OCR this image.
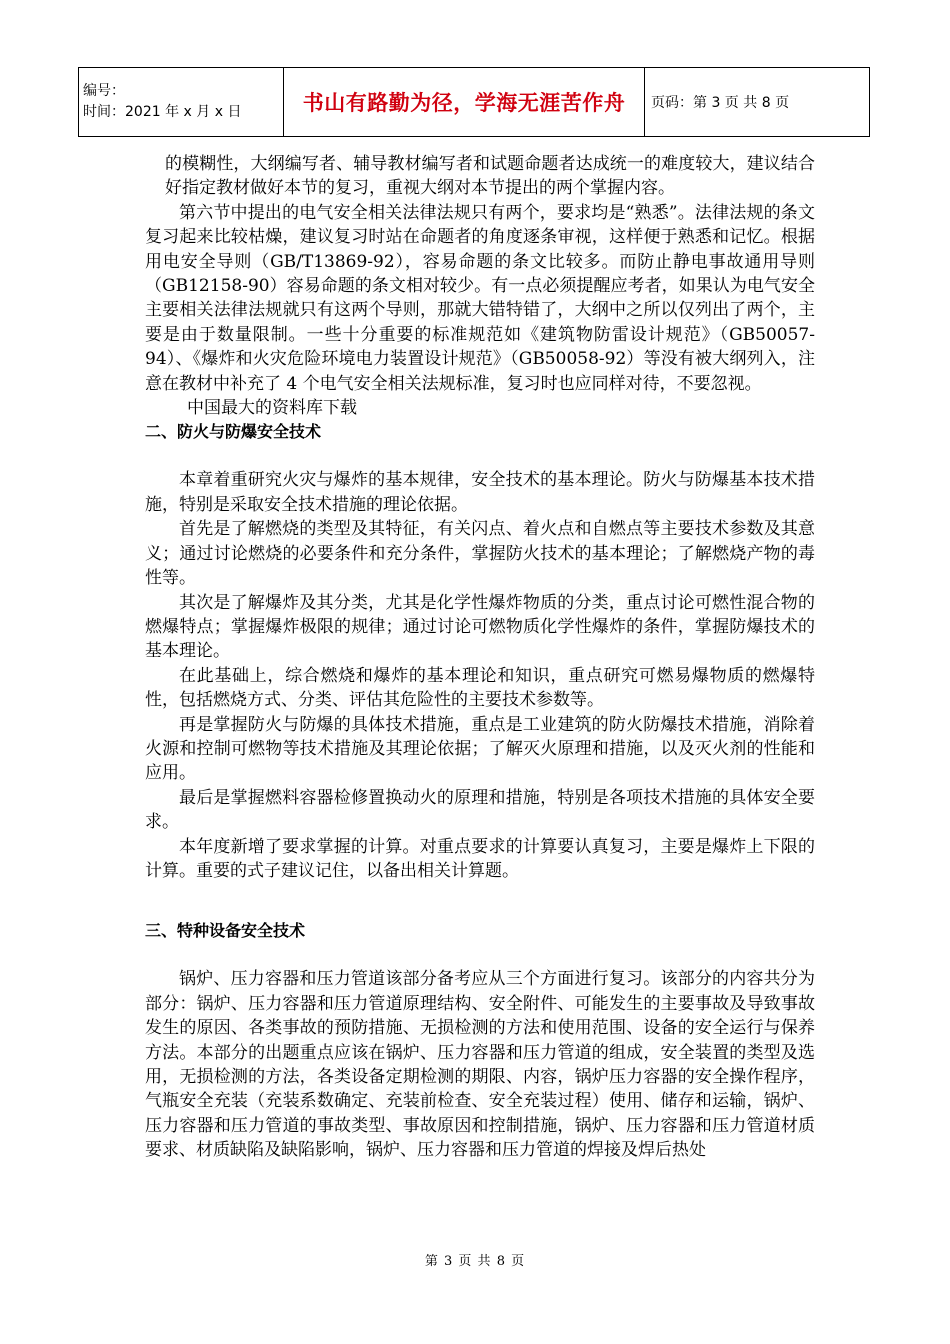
编号：
时间：2021 年 x 月 x 日	书山有路勤为径，学海无涯苦作舟	页码：第 3 页 共 8 页

的模糊性，大纲编写者、辅导教材编写者和试题命题者达成统一的难度较大，建议结合好指定教材做好本节的复习，重视大纲对本节提出的两个掌握内容。

第六节中提出的电气安全相关法律法规只有两个，要求均是“熟悉”。法律法规的条文复习起来比较枯燥，建议复习时站在命题者的角度逐条审视，这样便于熟悉和记忆。根据用电安全导则（GB/T13869-92），容易命题的条文比较多。而防止静电事故通用导则（GB12158-90）容易命题的条文相对较少。有一点必须提醒应考者，如果认为电气安全主要相关法律法规就只有这两个导则，那就大错特错了，大纲中之所以仅列出了两个，主要是由于数量限制。一些十分重要的标准规范如《建筑物防雷设计规范》（GB50057-94）、《爆炸和火灾危险环境电力装置设计规范》（GB50058-92）等没有被大纲列入，注意在教材中补充了 4 个电气安全相关法规标准，复习时也应同样对待，不要忽视。

中国最大的资料库下载

二、防火与防爆安全技术

本章着重研究火灾与爆炸的基本规律，安全技术的基本理论。防火与防爆基本技术措施，特别是采取安全技术措施的理论依据。

首先是了解燃烧的类型及其特征，有关闪点、着火点和自燃点等主要技术参数及其意义；通过讨论燃烧的必要条件和充分条件，掌握防火技术的基本理论；了解燃烧产物的毒性等。

其次是了解爆炸及其分类，尤其是化学性爆炸物质的分类，重点讨论可燃性混合物的燃爆特点；掌握爆炸极限的规律；通过讨论可燃物质化学性爆炸的条件，掌握防爆技术的基本理论。

在此基础上，综合燃烧和爆炸的基本理论和知识，重点研究可燃易爆物质的燃爆特性，包括燃烧方式、分类、评估其危险性的主要技术参数等。

再是掌握防火与防爆的具体技术措施，重点是工业建筑的防火防爆技术措施，消除着火源和控制可燃物等技术措施及其理论依据；了解灭火原理和措施，以及灭火剂的性能和应用。

最后是掌握燃料容器检修置换动火的原理和措施，特别是各项技术措施的具体安全要求。

本年度新增了要求掌握的计算。对重点要求的计算要认真复习，主要是爆炸上下限的计算。重要的式子建议记住，以备出相关计算题。

三、特种设备安全技术

锅炉、压力容器和压力管道该部分备考应从三个方面进行复习。该部分的内容共分为部分：锅炉、压力容器和压力管道原理结构、安全附件、可能发生的主要事故及导致事故发生的原因、各类事故的预防措施、无损检测的方法和使用范围、设备的安全运行与保养方法。本部分的出题重点应该在锅炉、压力容器和压力管道的组成，安全装置的类型及选用，无损检测的方法，各类设备定期检测的期限、内容，锅炉压力容器的安全操作程序，气瓶安全充装（充装系数确定、充装前检查、安全充装过程）使用、储存和运输，锅炉、压力容器和压力管道的事故类型、事故原因和控制措施，锅炉、压力容器和压力管道材质要求、材质缺陷及缺陷影响，锅炉、压力容器和压力管道的焊接及焊后热处

第 3 页 共 8 页
